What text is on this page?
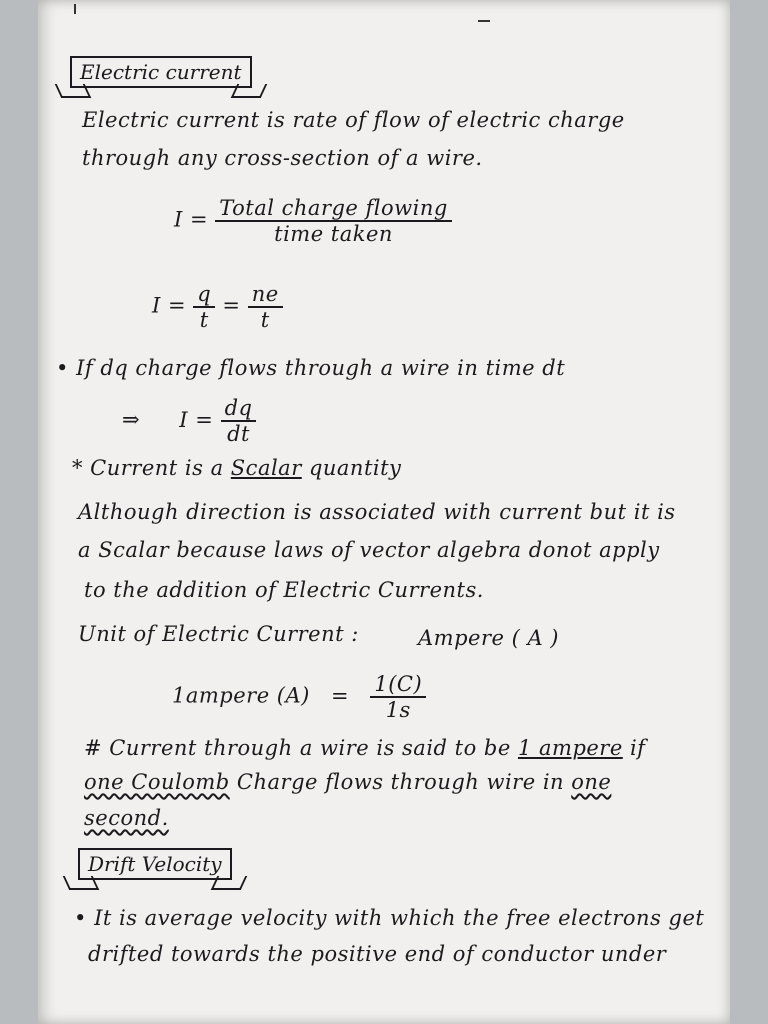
Electric current
Electric current is rate of flow of electric charge
through any cross-section of a wire.
$I = \frac{\text{Total charge flowing}}{\text{time taken}}$
$I = \frac{q}{t} = \frac{ne}{t}$
• If dq charge flows through a wire in time dt
⇒ $I = \frac{dq}{dt}$
* Current is a Scalar quantity
Although direction is associated with current but it is
a Scalar because laws of vector algebra donot apply
to the addition of Electric Currents.
Unit of Electric Current :	Ampere ( A )
1ampere $(A) = \frac{1(C)}{1s}$
# Current through a wire is said to be 1 ampere if
one Coulomb Charge flows through wire in one
second.
Drift Velocity
• It is average velocity with which the free electrons get
drifted towards the positive end of conductor under
